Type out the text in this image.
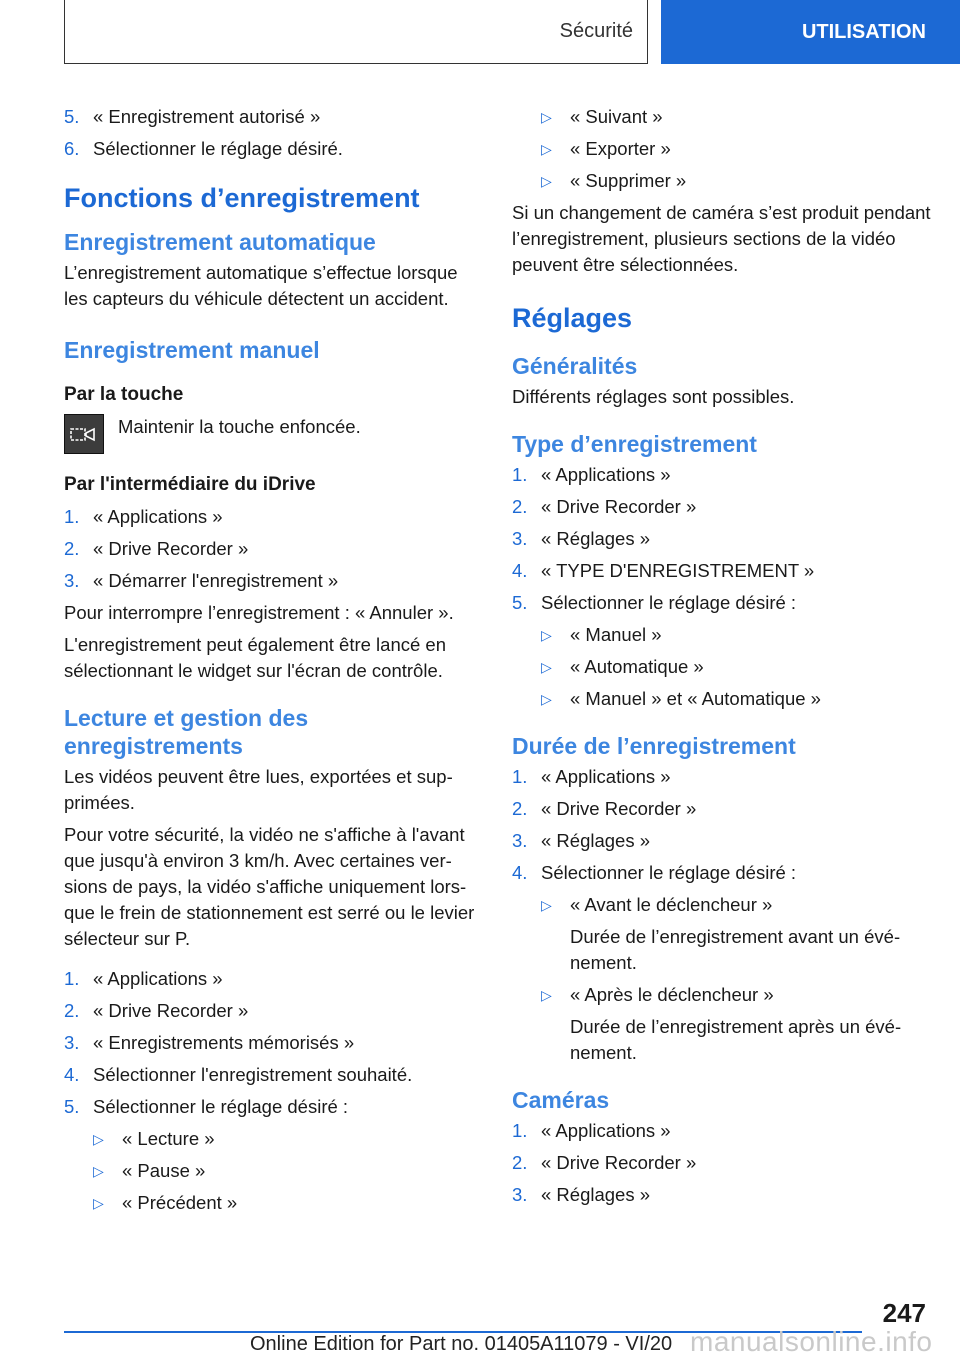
Sécurité	UTILISATION
5. « Enregistrement autorisé »
6. Sélectionner le réglage désiré.
Fonctions d’enregistrement
Enregistrement automatique

L’enregistrement automatique s’effectue lorsque les capteurs du véhicule détectent un accident.

Enregistrement manuel
Par la touche
Maintenir la touche enfoncée.
Par l'intermédiaire du iDrive
1. « Applications »
2. « Drive Recorder »
3. « Démarrer l'enregistrement »

Pour interrompre l’enregistrement : « Annuler ».

L'enregistrement peut également être lancé en sélectionnant le widget sur l'écran de contrôle.

Lecture et gestion des enregistrements

Les vidéos peuvent être lues, exportées et supprimées.

Pour votre sécurité, la vidéo ne s'affiche à l'avant que jusqu'à environ 3 km/h. Avec certaines versions de pays, la vidéo s'affiche uniquement lorsque le frein de stationnement est serré ou le levier sélecteur sur P.

1. « Applications »
2. « Drive Recorder »
3. « Enregistrements mémorisés »
4. Sélectionner l'enregistrement souhaité.
5. Sélectionner le réglage désiré :
▷ « Lecture »
▷ « Pause »
▷ « Précédent »
▷ « Suivant »
▷ « Exporter »
▷ « Supprimer »

Si un changement de caméra s’est produit pendant l’enregistrement, plusieurs sections de la vidéo peuvent être sélectionnées.

Réglages
Généralités

Différents réglages sont possibles.

Type d’enregistrement
1. « Applications »
2. « Drive Recorder »
3. « Réglages »
4. « TYPE D'ENREGISTREMENT »
5. Sélectionner le réglage désiré :
▷ « Manuel »
▷ « Automatique »
▷ « Manuel » et « Automatique »
Durée de l’enregistrement
1. « Applications »
2. « Drive Recorder »
3. « Réglages »
4. Sélectionner le réglage désiré :
▷ « Avant le déclencheur »
Durée de l’enregistrement avant un événement.
▷ « Après le déclencheur »
Durée de l’enregistrement après un événement.
Caméras
1. « Applications »
2. « Drive Recorder »
3. « Réglages »
247
manualsonline.info
Online Edition for Part no. 01405A11079 - VI/20
